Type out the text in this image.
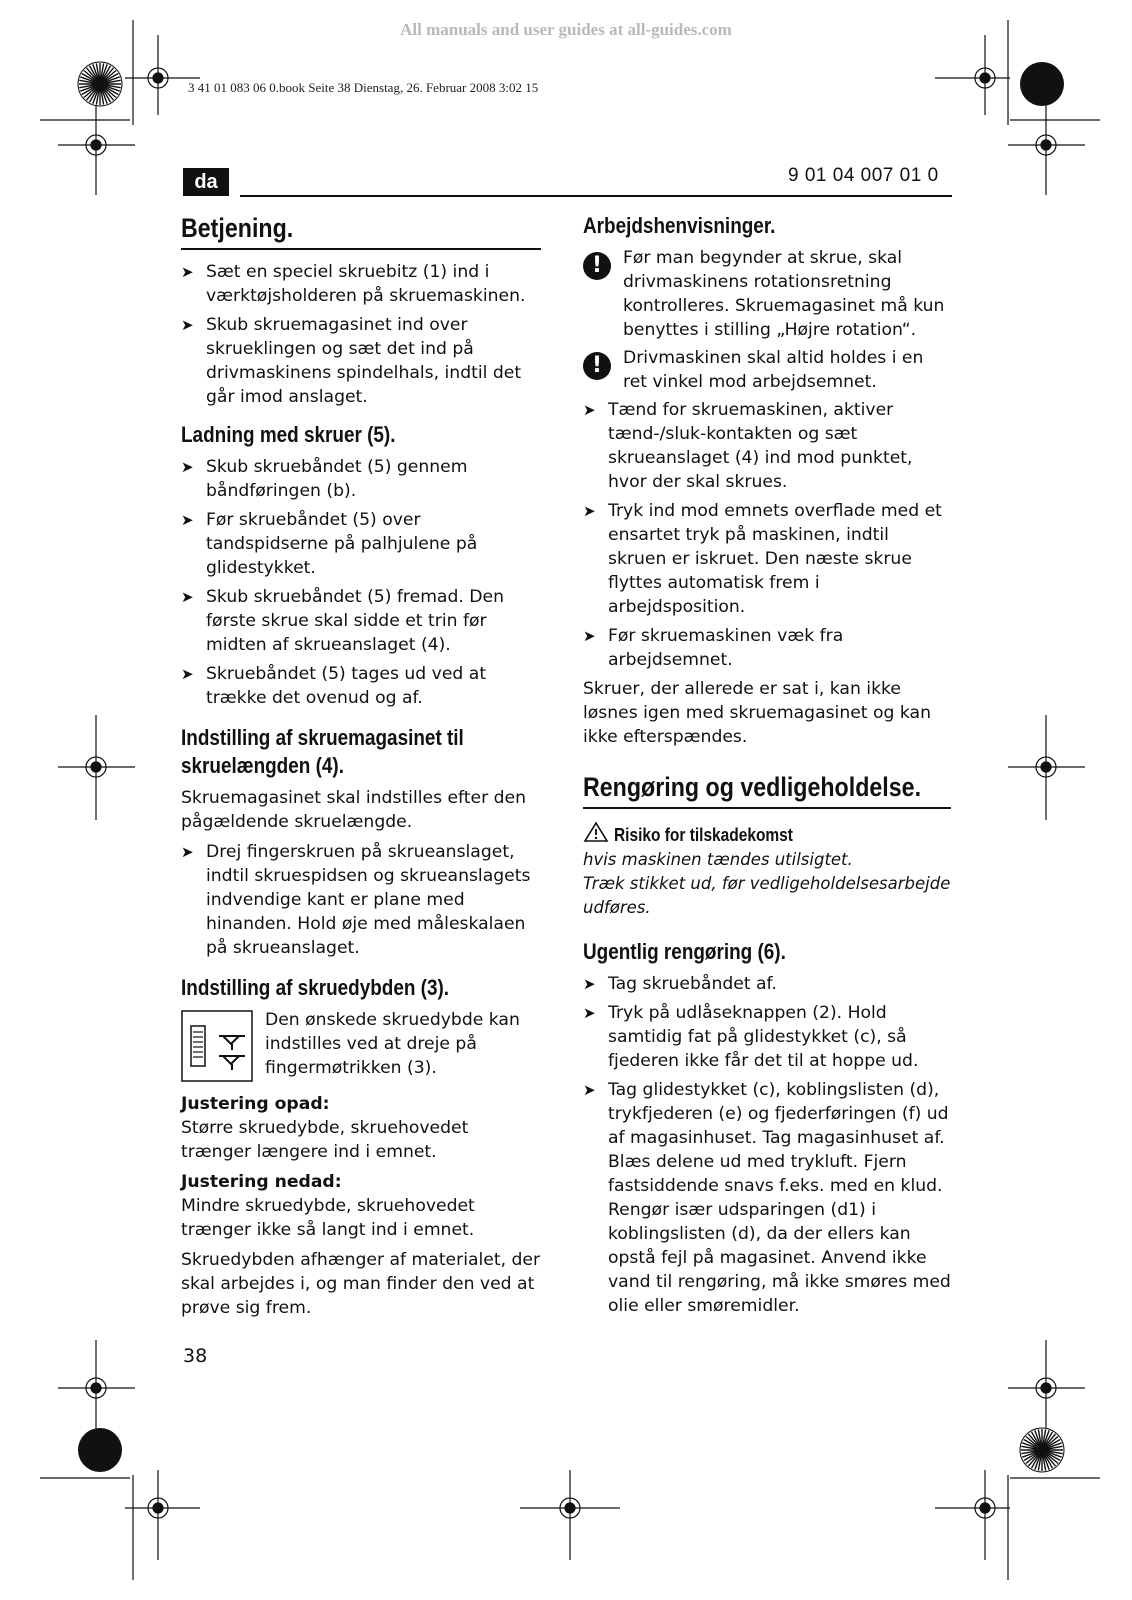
All manuals and user guides at all-guides.com
3 41 01 083 06 0.book Seite 38 Dienstag, 26. Februar 2008 3:02 15
da	9 01 04 007 01 0
Betjening.
➤ Sæt en speciel skruebitz (1) ind i værktøjsholderen på skruemaskinen.
➤ Skub skruemagasinet ind over skrueklingen og sæt det ind på drivmaskinens spindelhals, indtil det går imod anslaget.
Ladning med skruer (5).
➤ Skub skruebåndet (5) gennem båndføringen (b).
➤ Før skruebåndet (5) over tandspidserne på palhjulene på glidestykket.
➤ Skub skruebåndet (5) fremad. Den første skrue skal sidde et trin før midten af skrueanslaget (4).
➤ Skruebåndet (5) tages ud ved at trække det ovenud og af.
Indstilling af skruemagasinet til skruelængden (4).

Skruemagasinet skal indstilles efter den pågældende skruelængde.

➤ Drej fingerskruen på skrueanslaget, indtil skruespidsen og skrueanslagets indvendige kant er plane med hinanden. Hold øje med måleskalaen på skrueanslaget.
Indstilling af skruedybden (3).
Den ønskede skruedybde kan indstilles ved at dreje på fingermøtrikken (3).
Justering opad:

Større skruedybde, skruehovedet trænger længere ind i emnet.

Justering nedad:

Mindre skruedybde, skruehovedet trænger ikke så langt ind i emnet.

Skruedybden afhænger af materialet, der skal arbejdes i, og man finder den ved at prøve sig frem.

Arbejdshenvisninger.
!	Før man begynder at skrue, skal drivmaskinens rotationsretning kontrolleres. Skruemagasinet må kun benyttes i stilling „Højre rotation“.
!	Drivmaskinen skal altid holdes i en ret vinkel mod arbejdsemnet.
➤ Tænd for skruemaskinen, aktiver tænd-/sluk-kontakten og sæt skrueanslaget (4) ind mod punktet, hvor der skal skrues.
➤ Tryk ind mod emnets overflade med et ensartet tryk på maskinen, indtil skruen er iskruet. Den næste skrue flyttes automatisk frem i arbejdsposition.
➤ Før skruemaskinen væk fra arbejdsemnet.

Skruer, der allerede er sat i, kan ikke løsnes igen med skruemagasinet og kan ikke efterspændes.

Rengøring og vedligeholdelse.
Risiko for tilskadekomst
hvis maskinen tændes utilsigtet.
Træk stikket ud, før vedligeholdelsesarbejde udføres.
Ugentlig rengøring (6).
➤ Tag skruebåndet af.
➤ Tryk på udlåseknappen (2). Hold samtidig fat på glidestykket (c), så fjederen ikke får det til at hoppe ud.
➤ Tag glidestykket (c), koblingslisten (d), trykfjederen (e) og fjederføringen (f) ud af magasinhuset. Tag magasinhuset af. Blæs delene ud med trykluft. Fjern fastsiddende snavs f.eks. med en klud. Rengør især udsparingen (d1) i koblingslisten (d), da der ellers kan opstå fejl på magasinet. Anvend ikke vand til rengøring, må ikke smøres med olie eller smøremidler.
38
